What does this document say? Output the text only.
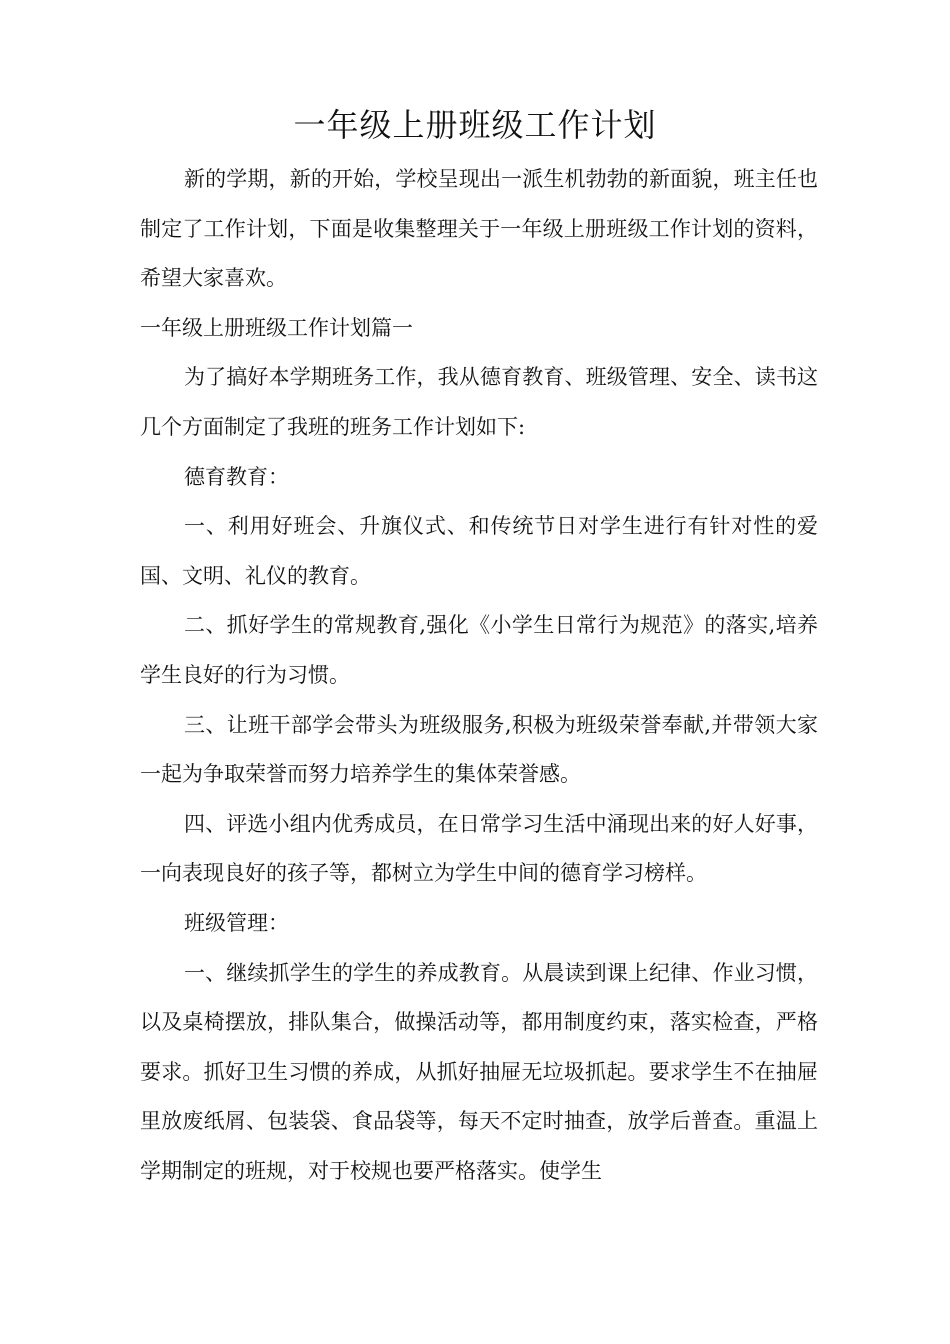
一年级上册班级工作计划

新的学期，新的开始，学校呈现出一派生机勃勃的新面貌，班主任也制定了工作计划，下面是收集整理关于一年级上册班级工作计划的资料，希望大家喜欢。

一年级上册班级工作计划篇一

为了搞好本学期班务工作，我从德育教育、班级管理、安全、读书这几个方面制定了我班的班务工作计划如下:

德育教育：

一、利用好班会、升旗仪式、和传统节日对学生进行有针对性的爱国、文明、礼仪的教育。

二、抓好学生的常规教育,强化《小学生日常行为规范》的落实,培养学生良好的行为习惯。

三、让班干部学会带头为班级服务,积极为班级荣誉奉献,并带领大家一起为争取荣誉而努力培养学生的集体荣誉感。

四、评选小组内优秀成员，在日常学习生活中涌现出来的好人好事，一向表现良好的孩子等，都树立为学生中间的德育学习榜样。

班级管理：

一、继续抓学生的学生的养成教育。从晨读到课上纪律、作业习惯，以及桌椅摆放，排队集合，做操活动等，都用制度约束，落实检查，严格要求。抓好卫生习惯的养成，从抓好抽屉无垃圾抓起。要求学生不在抽屉里放废纸屑、包装袋、食品袋等，每天不定时抽查，放学后普查。重温上学期制定的班规，对于校规也要严格落实。使学生
